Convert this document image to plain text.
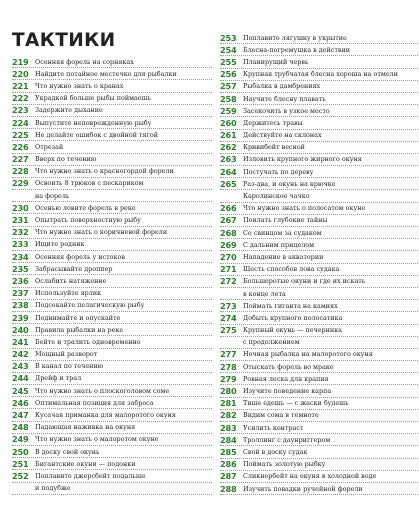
ТАКТИКИ
219	Осенняя форель на сорняках
220	Найдите потайное местечко для рыбалки
221	Что нужно знать о кранах
222	Украдкой больше рыбы поймаешь
223	Задержите дыхание
224	Выпустите неповрежденную рыбу
225	Не делайте ошибок с двойной тягой
226	Отрезай
227	Вверх по течению
228	Что нужно знать о красногордой форели
229	Освоить 8 трюков с пескариком
на форель
230	Осенью ловите форель в реке
231	Опытрать поверхностную рыбу
232	Что нужно знать о коричневой форели
233	Ищите родник
234	Осенняя форель у истоков
235	Забрасывайте дроппер
236	Ослабить натяжение
237	Используйте ярлик
238	Подсекайте пелагическую рыбу
239	Поднимайте и опускайте
240	Правила рыбалки на реке
241	Бейте и тралить одновременно
242	Мощный разворот
243	В канал по течению
244	Дрейф и трал
245	Что нужно знать о плоскоголовом соме
246	Оптимальная позиция для заброса
247	Кусачая приманка для малоротого окуня
248	Падающая наживка на окуня
249	Что нужно знать о малоротом окуне
250	В доску свой окунь
251	Бигантские окуни — подонки
252	Поплавите джерсбейт подальше
и подубже
253	Поплавите лягушку в укрытие
254	Блесна-погремушка в действии
255	Планирущий червь
256	Крупная трубчатая блесна хороша на отмели
257	Рыбалка в дамбрениях
258	Научите блесну плавать
259	Засекочить в узкое место
260	Держитесь травы
261	Действуйте на склонах
262	Кривибейт весной
263	Изловить крупного жирного окуня
264	Постучать по дереву
265	Раз-два, и окунь на крючке
Каролинское чачко
266	Что нужно знать о полосатом окуне
267	Поилать глубокие тайны
268	Со свинцом за судаком
269	С дальним прицелом
270	Нападение в акватории
271	Шесть способов лова судака
272	Большеротые окуни и где их искать
в конце лета
273	Поймать гиганта на камнях
274	Добыть крупного полосатика
275	Крупный окунь — печеринка
с продолжением
277	Ночная рыбалка на малоротого окуня
278	Отыскать форель во мраке
279	Ровная леска для крапия
280	Изучите поведение карпа
281	Тише едешь — с жаски будешь
282	Видим сома в темноте
283	Усилить контраст
284	Троллинг с даунриггером
285	Свой в доску судак
286	Поймать золотую рыбку
287	Сликнербейт на окуня в холодной воде
288	Изучить повадки ручейной форели
